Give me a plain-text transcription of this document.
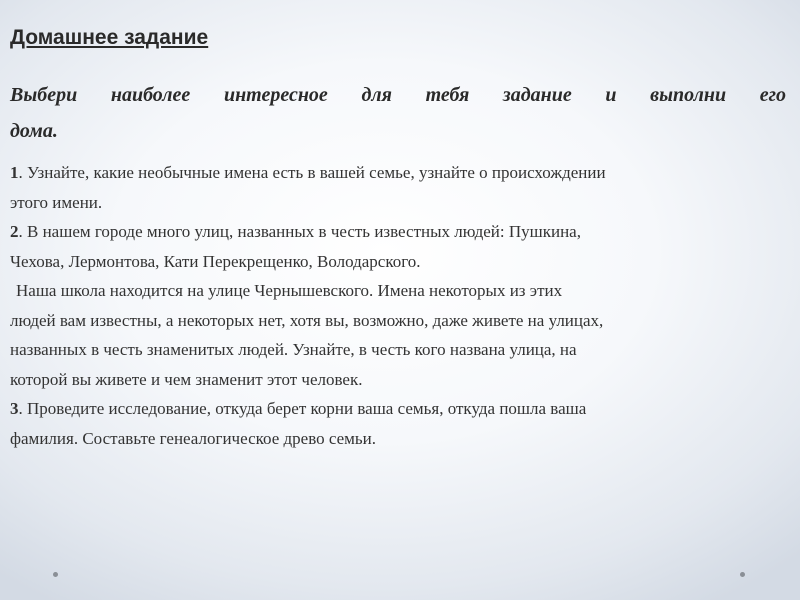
Домашнее задание
Выбери наиболее интересное для тебя задание и выполни его
дома.
1. Узнайте, какие необычные имена есть в вашей семье, узнайте о происхождении
этого имени.
2. В нашем городе много улиц, названных в честь известных людей: Пушкина,
Чехова, Лермонтова, Кати Перекрещенко, Володарского.
Наша школа находится на улице Чернышевского. Имена некоторых из этих
людей вам известны, а некоторых нет, хотя вы, возможно, даже живете на улицах,
названных в честь знаменитых людей. Узнайте, в честь кого названа улица, на
которой вы живете и чем знаменит этот человек.
3. Проведите исследование, откуда берет корни ваша семья, откуда пошла ваша
фамилия. Составьте генеалогическое древо семьи.
